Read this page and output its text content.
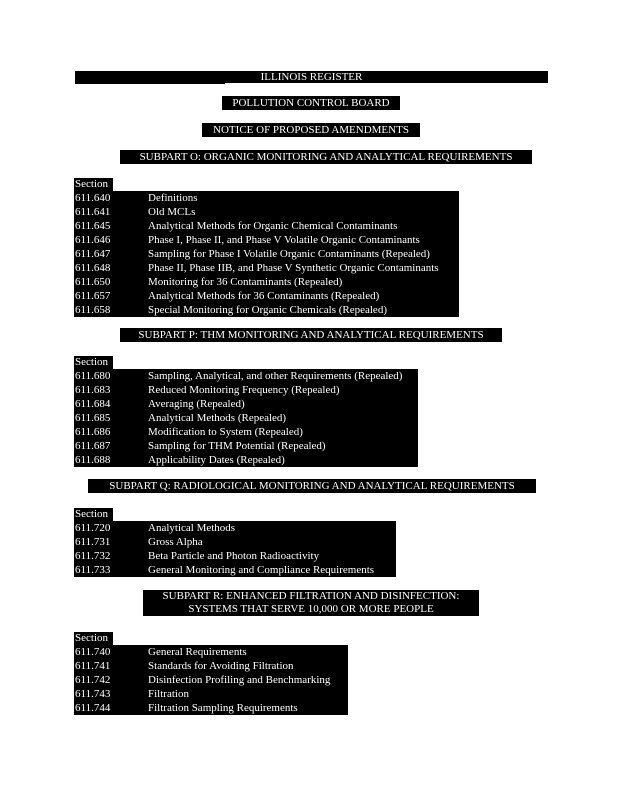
ILLINOIS REGISTER
POLLUTION CONTROL BOARD
NOTICE OF PROPOSED AMENDMENTS
SUBPART O: ORGANIC MONITORING AND ANALYTICAL REQUIREMENTS
Section
611.640	Definitions
611.641	Old MCLs
611.645	Analytical Methods for Organic Chemical Contaminants
611.646	Phase I, Phase II, and Phase V Volatile Organic Contaminants
611.647	Sampling for Phase I Volatile Organic Contaminants (Repealed)
611.648	Phase II, Phase IIB, and Phase V Synthetic Organic Contaminants
611.650	Monitoring for 36 Contaminants (Repealed)
611.657	Analytical Methods for 36 Contaminants (Repealed)
611.658	Special Monitoring for Organic Chemicals (Repealed)
SUBPART P: THM MONITORING AND ANALYTICAL REQUIREMENTS
Section
611.680	Sampling, Analytical, and other Requirements (Repealed)
611.683	Reduced Monitoring Frequency (Repealed)
611.684	Averaging (Repealed)
611.685	Analytical Methods (Repealed)
611.686	Modification to System (Repealed)
611.687	Sampling for THM Potential (Repealed)
611.688	Applicability Dates (Repealed)
SUBPART Q: RADIOLOGICAL MONITORING AND ANALYTICAL REQUIREMENTS
Section
611.720	Analytical Methods
611.731	Gross Alpha
611.732	Beta Particle and Photon Radioactivity
611.733	General Monitoring and Compliance Requirements
SUBPART R: ENHANCED FILTRATION AND DISINFECTION:
SYSTEMS THAT SERVE 10,000 OR MORE PEOPLE
Section
611.740	General Requirements
611.741	Standards for Avoiding Filtration
611.742	Disinfection Profiling and Benchmarking
611.743	Filtration
611.744	Filtration Sampling Requirements
